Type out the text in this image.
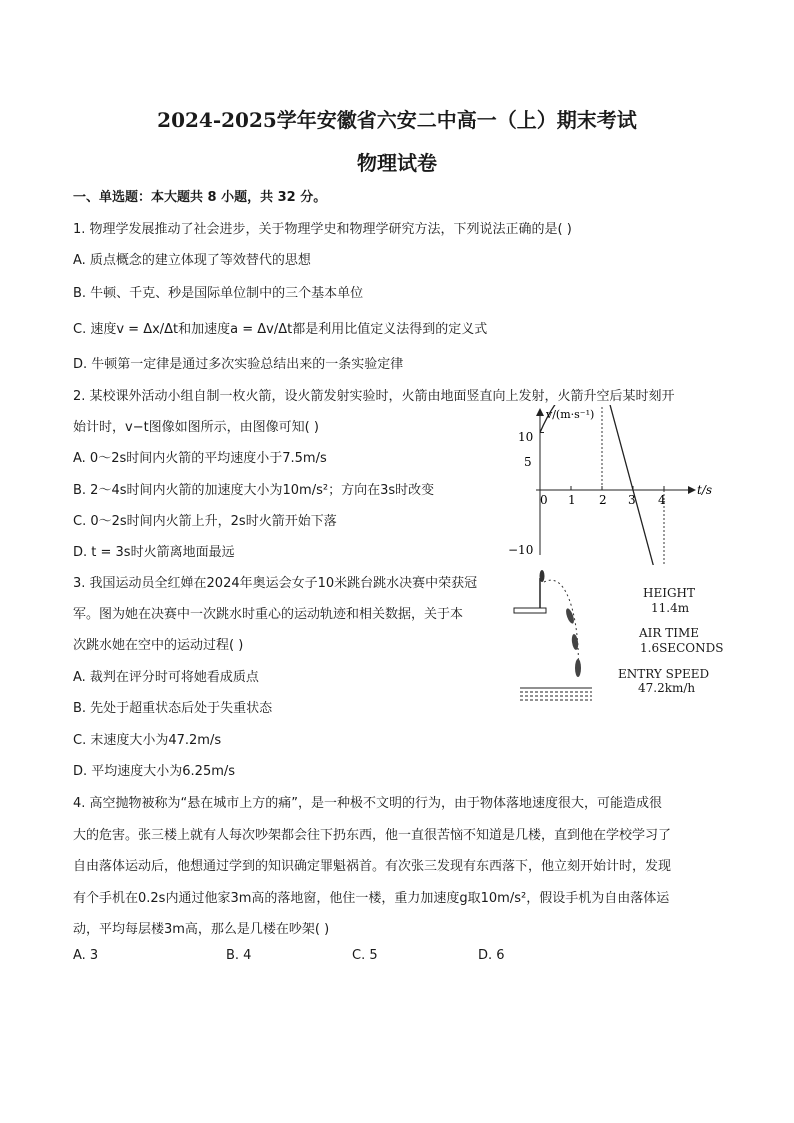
2024-2025学年安徽省六安二中高一（上）期末考试
物理试卷
一、单选题：本大题共 8 小题，共 32 分。
1. 物理学发展推动了社会进步，关于物理学史和物理学研究方法，下列说法正确的是( )
A. 质点概念的建立体现了等效替代的思想
B. 牛顿、千克、秒是国际单位制中的三个基本单位
C. 速度v = Δx/Δt和加速度a = Δv/Δt都是利用比值定义法得到的定义式
D. 牛顿第一定律是通过多次实验总结出来的一条实验定律
2. 某校课外活动小组自制一枚火箭，设火箭发射实验时，火箭由地面竖直向上发射，火箭升空后某时刻开
始计时，v−t图像如图所示，由图像可知( )
A. 0～2s时间内火箭的平均速度小于7.5m/s
B. 2～4s时间内火箭的加速度大小为10m/s²；方向在3s时改变
C. 0～2s时间内火箭上升，2s时火箭开始下落
D. t = 3s时火箭离地面最远
v/(m·s⁻¹)
t/s
10
5
−10
0 1 2 3 4
3. 我国运动员全红婵在2024年奥运会女子10米跳台跳水决赛中荣获冠
军。图为她在决赛中一次跳水时重心的运动轨迹和相关数据，关于本
次跳水她在空中的运动过程( )
A. 裁判在评分时可将她看成质点
B. 先处于超重状态后处于失重状态
C. 末速度大小为47.2m/s
D. 平均速度大小为6.25m/s
HEIGHT
11.4m
AIR TIME
1.6SECONDS
ENTRY SPEED
47.2km/h
4. 高空抛物被称为“悬在城市上方的痛”，是一种极不文明的行为，由于物体落地速度很大，可能造成很
大的危害。张三楼上就有人每次吵架都会往下扔东西，他一直很苦恼不知道是几楼，直到他在学校学习了
自由落体运动后，他想通过学到的知识确定罪魁祸首。有次张三发现有东西落下，他立刻开始计时，发现
有个手机在0.2s内通过他家3m高的落地窗，他住一楼，重力加速度g取10m/s²，假设手机为自由落体运
动，平均每层楼3m高，那么是几楼在吵架( )
A. 3	B. 4	C. 5	D. 6
